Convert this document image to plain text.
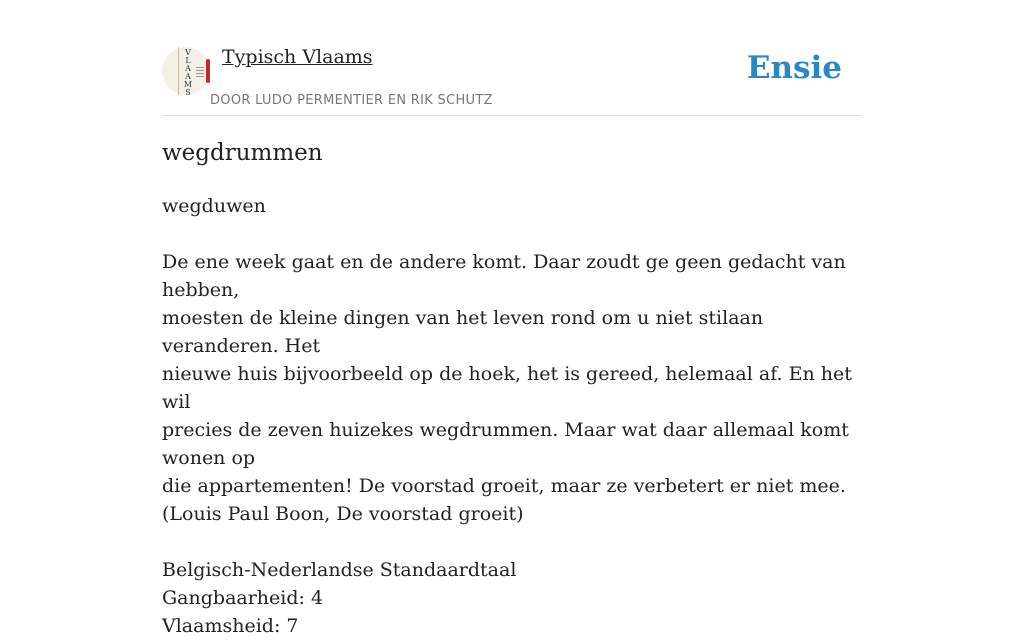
V
L
A
A
M
S
Typisch Vlaams
DOOR LUDO PERMENTIER EN RIK SCHUTZ
Ensie
wegdrummen

wegduwen

De ene week gaat en de andere komt. Daar zoudt ge geen gedacht van hebben,

moesten de kleine dingen van het leven rond om u niet stilaan veranderen. Het

nieuwe huis bijvoorbeeld op de hoek, het is gereed, helemaal af. En het wil

precies de zeven huizekes wegdrummen. Maar wat daar allemaal komt wonen op

die appartementen! De voorstad groeit, maar ze verbetert er niet mee.

(Louis Paul Boon, De voorstad groeit)

Belgisch-Nederlandse Standaardtaal

Gangbaarheid: 4

Vlaamsheid: 7
